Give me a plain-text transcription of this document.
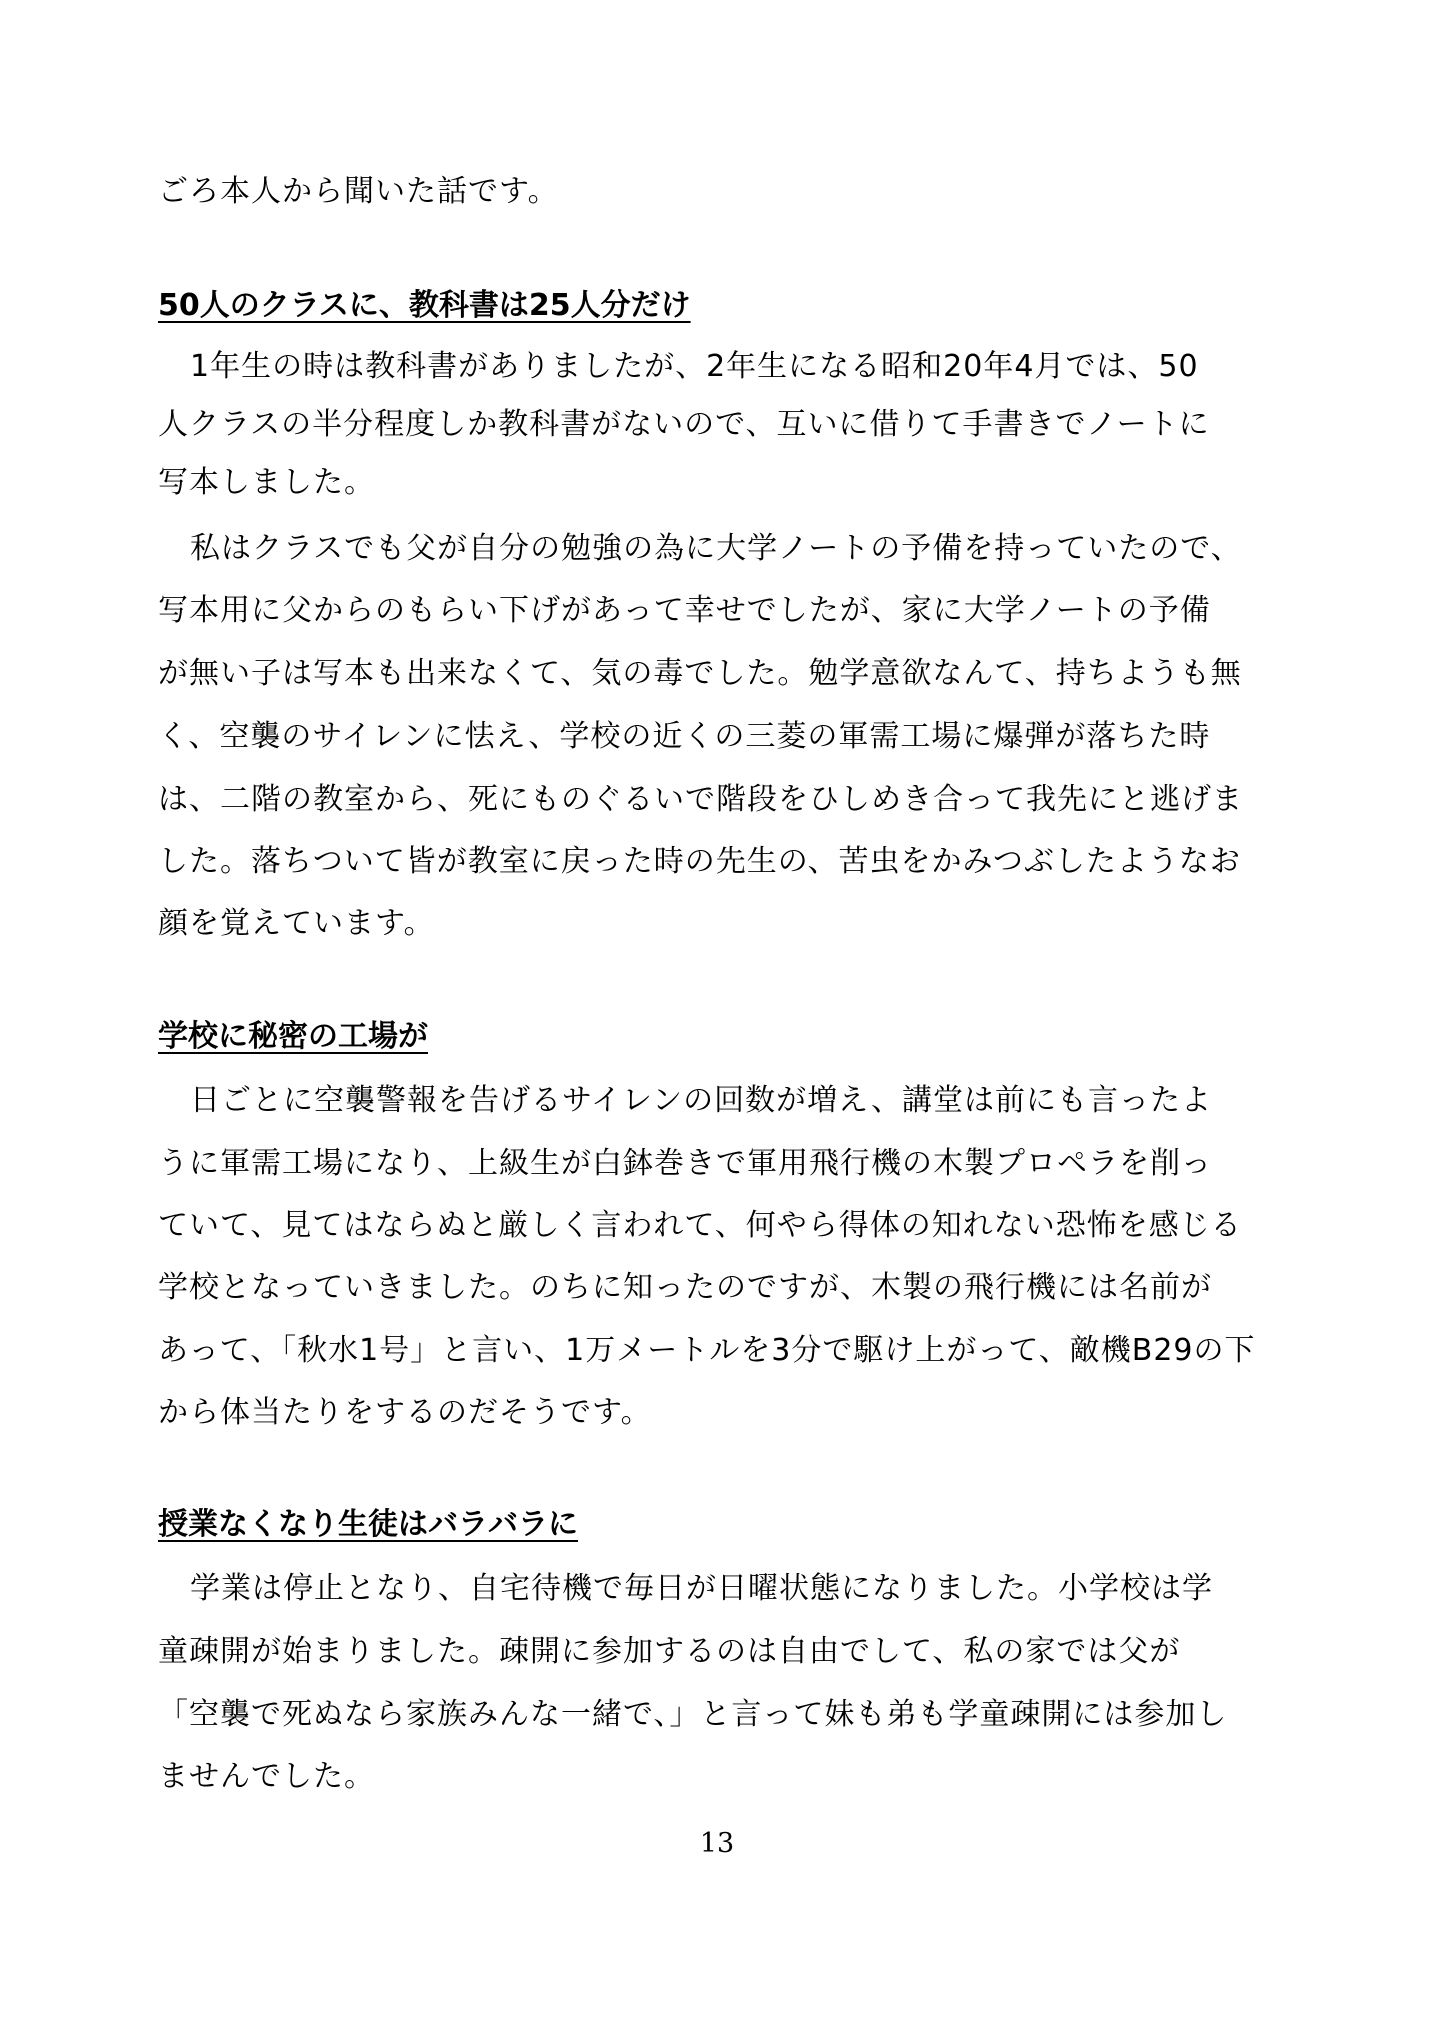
ごろ本人から聞いた話です。
50人のクラスに、教科書は25人分だけ
1年生の時は教科書がありましたが、2年生になる昭和20年4月では、50
人クラスの半分程度しか教科書がないので、互いに借りて手書きでノートに
写本しました。
私はクラスでも父が自分の勉強の為に大学ノートの予備を持っていたので、
写本用に父からのもらい下げがあって幸せでしたが、家に大学ノートの予備
が無い子は写本も出来なくて、気の毒でした。勉学意欲なんて、持ちようも無
く、空襲のサイレンに怯え、学校の近くの三菱の軍需工場に爆弾が落ちた時
は、二階の教室から、死にものぐるいで階段をひしめき合って我先にと逃げま
した。落ちついて皆が教室に戻った時の先生の、苦虫をかみつぶしたようなお
顔を覚えています。
学校に秘密の工場が
日ごとに空襲警報を告げるサイレンの回数が増え、講堂は前にも言ったよ
うに軍需工場になり、上級生が白鉢巻きで軍用飛行機の木製プロペラを削っ
ていて、見てはならぬと厳しく言われて、何やら得体の知れない恐怖を感じる
学校となっていきました。のちに知ったのですが、木製の飛行機には名前が
あって、「秋水1号」と言い、1万メートルを3分で駆け上がって、敵機B29の下
から体当たりをするのだそうです。
授業なくなり生徒はバラバラに
学業は停止となり、自宅待機で毎日が日曜状態になりました。小学校は学
童疎開が始まりました。疎開に参加するのは自由でして、私の家では父が
「空襲で死ぬなら家族みんな一緒で、」と言って妹も弟も学童疎開には参加し
ませんでした。
13
